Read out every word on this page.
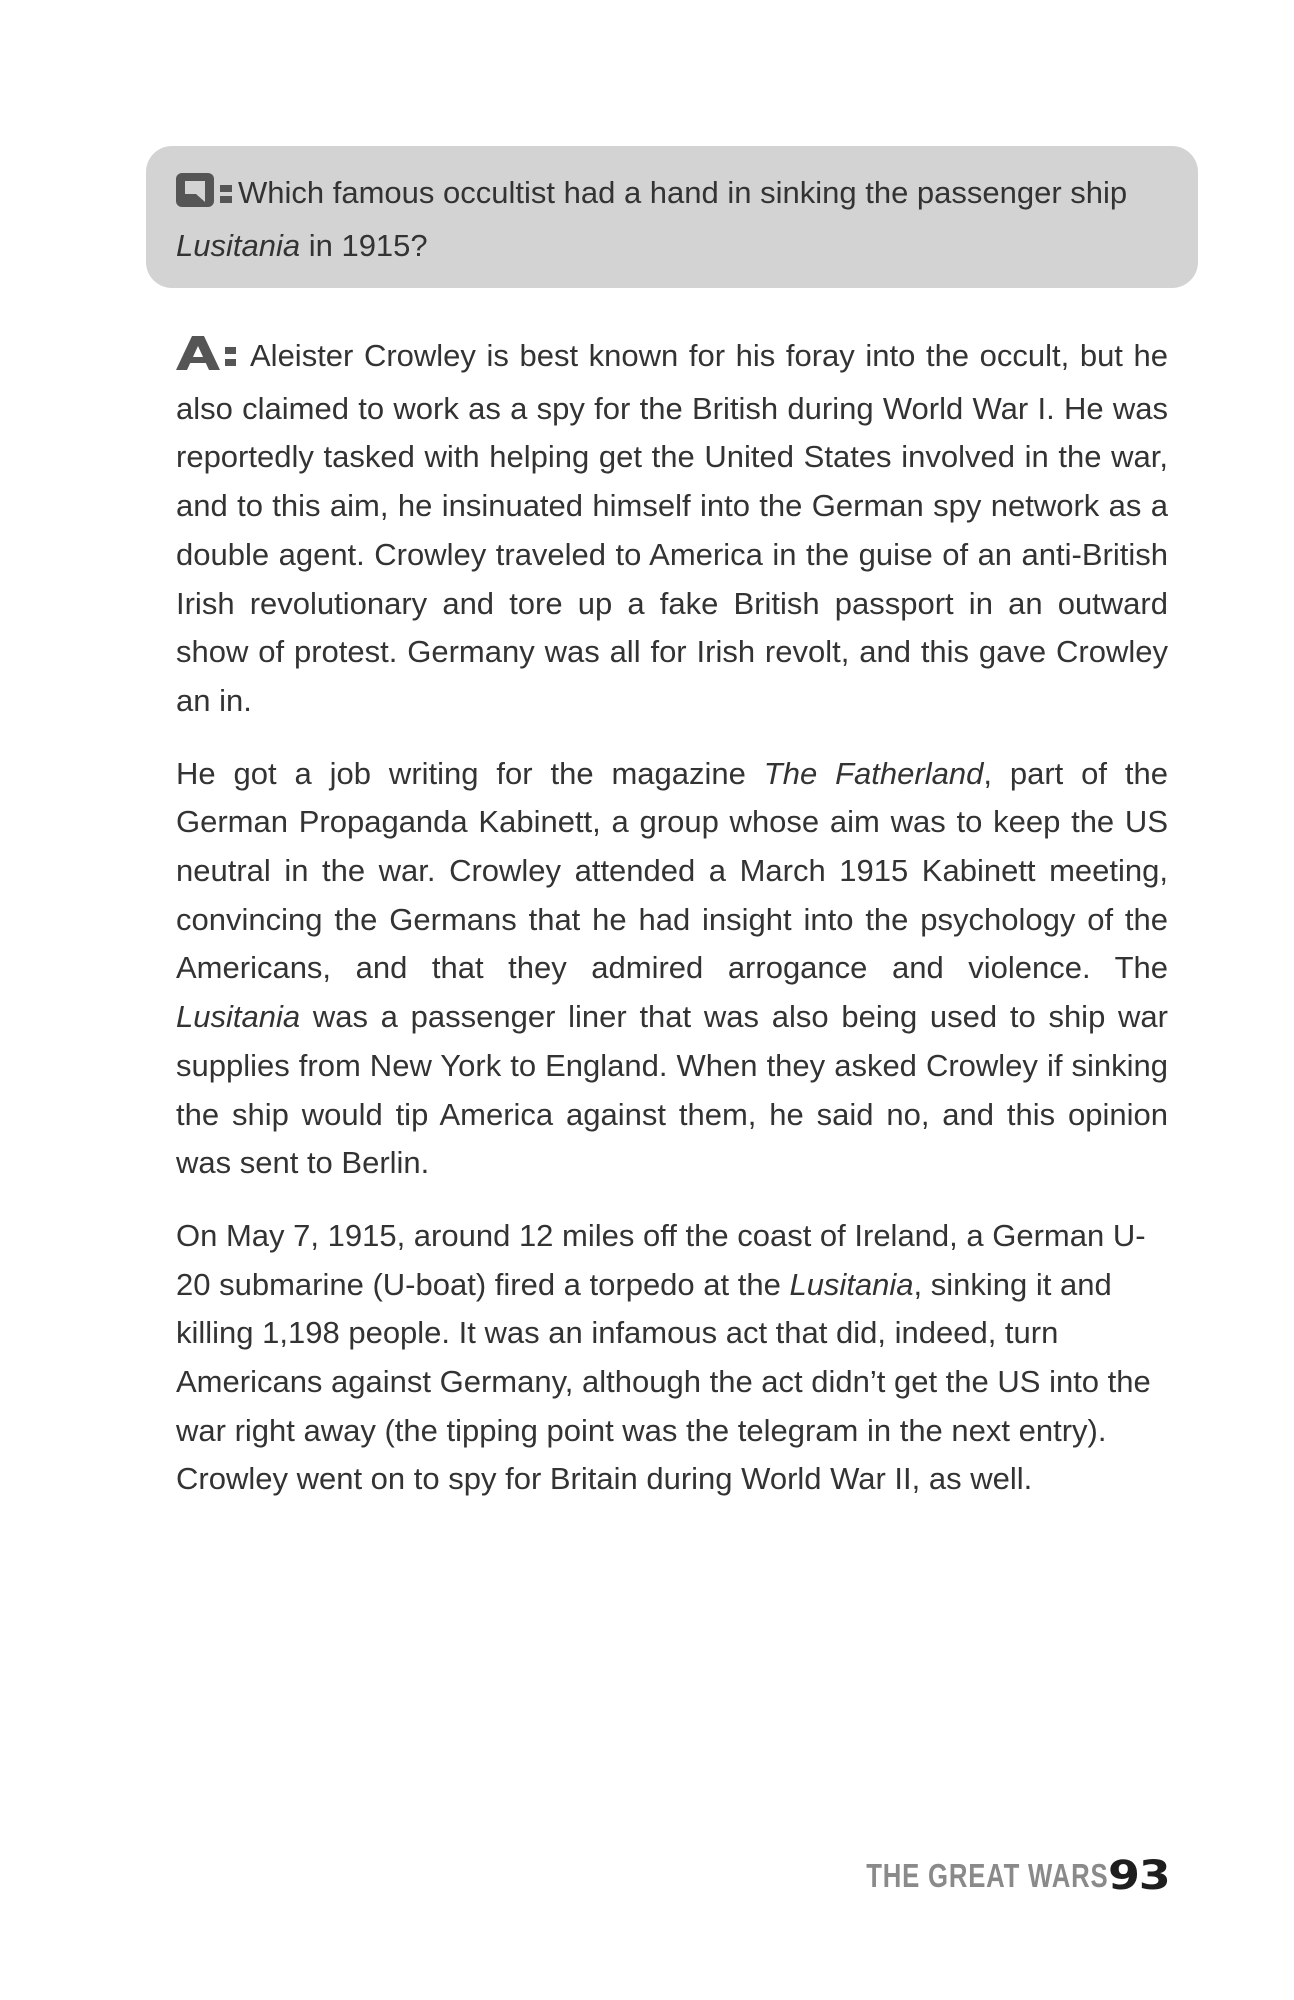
Which famous occultist had a hand in sinking the passenger ship Lusitania in 1915?

Aleister Crowley is best known for his foray into the occult, but he also claimed to work as a spy for the British during World War I. He was reportedly tasked with helping get the United States involved in the war, and to this aim, he insinuated himself into the German spy network as a double agent. Crowley traveled to America in the guise of an anti-British Irish revolutionary and tore up a fake British passport in an outward show of protest. Germany was all for Irish revolt, and this gave Crowley an in.

He got a job writing for the magazine The Fatherland, part of the German Propaganda Kabinett, a group whose aim was to keep the US neutral in the war. Crowley attended a March 1915 Kabinett meeting, convincing the Germans that he had insight into the psychology of the Americans, and that they admired arrogance and violence. The Lusitania was a passenger liner that was also being used to ship war supplies from New York to England. When they asked Crowley if sinking the ship would tip America against them, he said no, and this opinion was sent to Berlin.

On May 7, 1915, around 12 miles off the coast of Ireland, a German U-20 submarine (U-boat) fired a torpedo at the Lusitania, sinking it and killing 1,198 people. It was an infamous act that did, indeed, turn Americans against Germany, although the act didn’t get the US into the war right away (the tipping point was the telegram in the next entry). Crowley went on to spy for Britain during World War II, as well.

THE GREAT WARS 93
